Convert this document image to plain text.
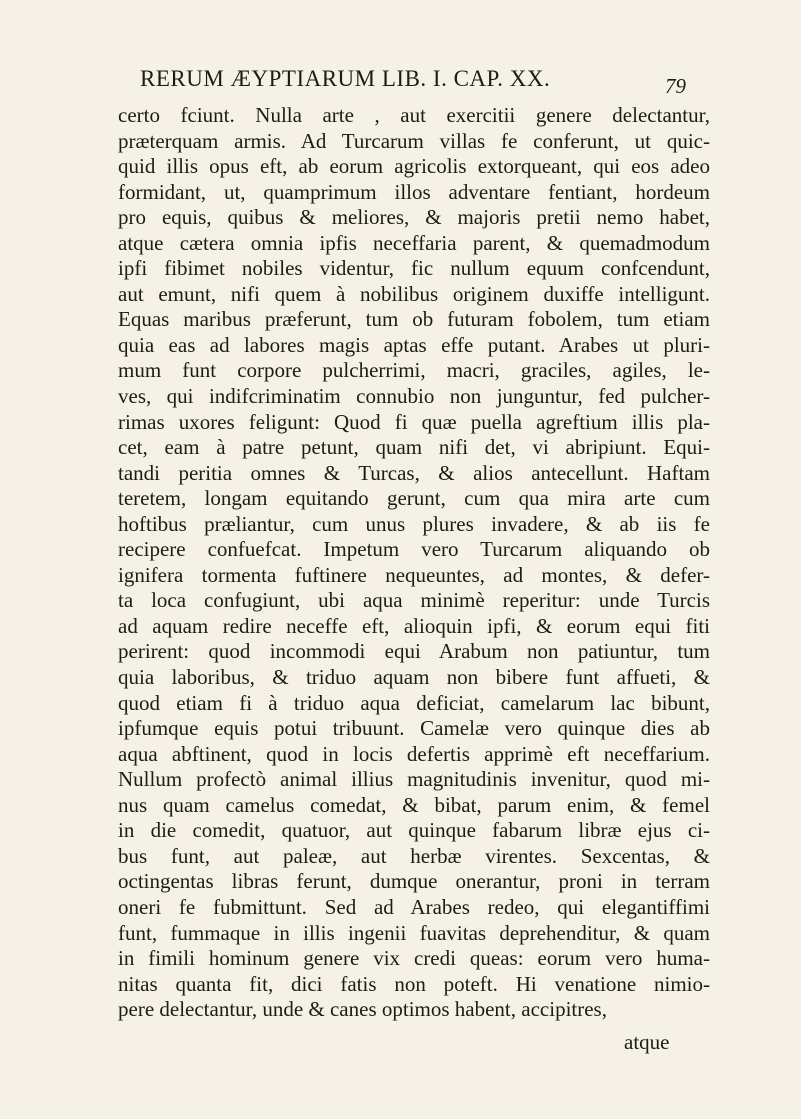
RERUM ÆYPTIARUM LIB. I. CAP. XX.	79
certo fciunt. Nulla arte , aut exercitii genere delectantur,
præterquam armis. Ad Turcarum villas fe conferunt, ut quic-
quid illis opus eft, ab eorum agricolis extorqueant, qui eos adeo
formidant, ut, quamprimum illos adventare fentiant, hordeum
pro equis, quibus & meliores, & majoris pretii nemo habet,
atque cætera omnia ipfis neceffaria parent, & quemadmodum
ipfi fibimet nobiles videntur, fic nullum equum confcendunt,
aut emunt, nifi quem à nobilibus originem duxiffe intelligunt.
Equas maribus præferunt, tum ob futuram fobolem, tum etiam
quia eas ad labores magis aptas effe putant. Arabes ut pluri-
mum funt corpore pulcherrimi, macri, graciles, agiles, le-
ves, qui indifcriminatim connubio non junguntur, fed pulcher-
rimas uxores feligunt: Quod fi quæ puella agreftium illis pla-
cet, eam à patre petunt, quam nifi det, vi abripiunt. Equi-
tandi peritia omnes & Turcas, & alios antecellunt. Haftam
teretem, longam equitando gerunt, cum qua mira arte cum
hoftibus præliantur, cum unus plures invadere, & ab iis fe
recipere confuefcat. Impetum vero Turcarum aliquando ob
ignifera tormenta fuftinere nequeuntes, ad montes, & defer-
ta loca confugiunt, ubi aqua minimè reperitur: unde Turcis
ad aquam redire neceffe eft, alioquin ipfi, & eorum equi fiti
perirent: quod incommodi equi Arabum non patiuntur, tum
quia laboribus, & triduo aquam non bibere funt affueti, &
quod etiam fi à triduo aqua deficiat, camelarum lac bibunt,
ipfumque equis potui tribuunt. Camelæ vero quinque dies ab
aqua abftinent, quod in locis defertis apprimè eft neceffarium.
Nullum profectò animal illius magnitudinis invenitur, quod mi-
nus quam camelus comedat, & bibat, parum enim, & femel
in die comedit, quatuor, aut quinque fabarum libræ ejus ci-
bus funt, aut paleæ, aut herbæ virentes. Sexcentas, &
octingentas libras ferunt, dumque onerantur, proni in terram
oneri fe fubmittunt. Sed ad Arabes redeo, qui elegantiffimi
funt, fummaque in illis ingenii fuavitas deprehenditur, & quam
in fimili hominum genere vix credi queas: eorum vero huma-
nitas quanta fit, dici fatis non poteft. Hi venatione nimio-
pere delectantur, unde & canes optimos habent, accipitres,
atque
